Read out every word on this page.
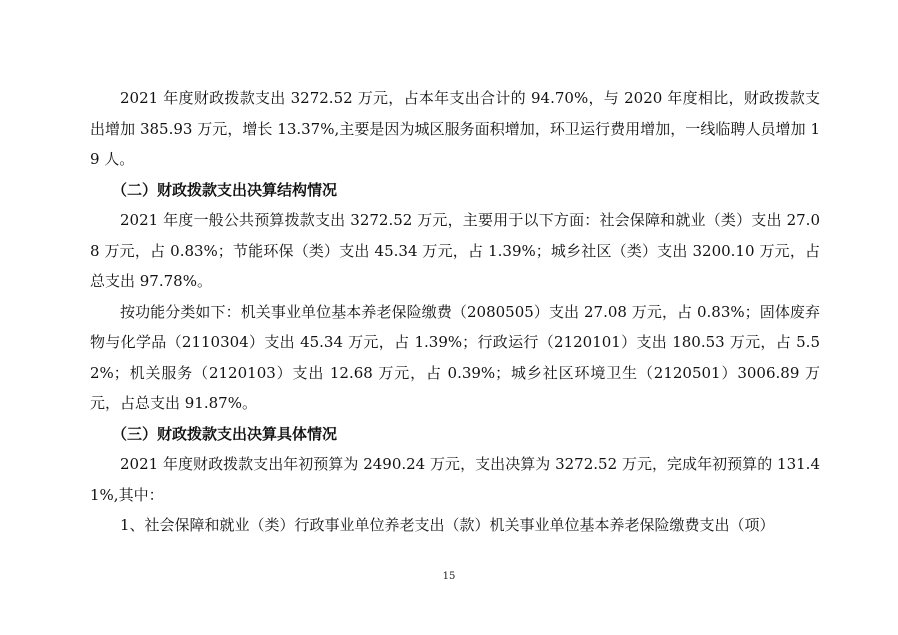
2021 年度财政拨款支出 3272.52 万元，占本年支出合计的 94.70%，与 2020 年度相比，财政拨款支出增加 385.93 万元，增长 13.37%,主要是因为城区服务面积增加，环卫运行费用增加，一线临聘人员增加 19 人。

（二）财政拨款支出决算结构情况

2021 年度一般公共预算拨款支出 3272.52 万元，主要用于以下方面：社会保障和就业（类）支出 27.08 万元，占 0.83%；节能环保（类）支出 45.34 万元，占 1.39%；城乡社区（类）支出 3200.10 万元，占总支出 97.78%。

按功能分类如下：机关事业单位基本养老保险缴费（2080505）支出 27.08 万元，占 0.83%；固体废弃物与化学品（2110304）支出 45.34 万元，占 1.39%；行政运行（2120101）支出 180.53 万元，占 5.52%；机关服务（2120103）支出 12.68 万元，占 0.39%；城乡社区环境卫生（2120501）3006.89 万元，占总支出 91.87%。

（三）财政拨款支出决算具体情况

2021 年度财政拨款支出年初预算为 2490.24 万元，支出决算为 3272.52 万元，完成年初预算的 131.41%,其中：

1、社会保障和就业（类）行政事业单位养老支出（款）机关事业单位基本养老保险缴费支出（项）

15
